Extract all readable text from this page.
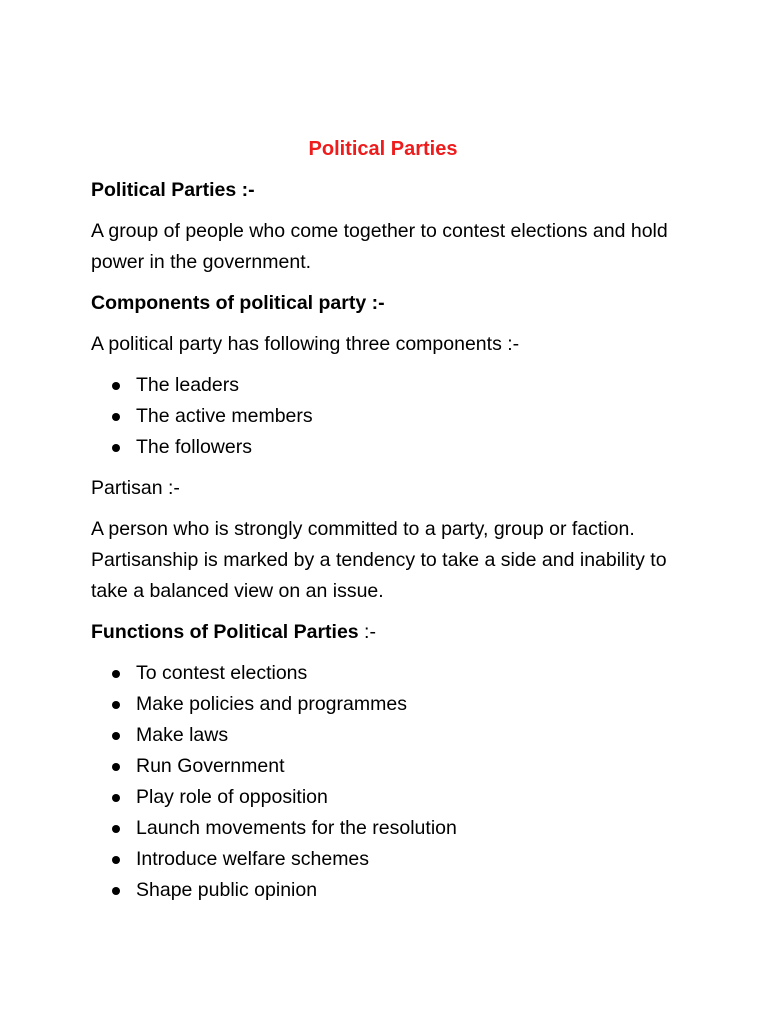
Political Parties
Political Parties :-
A group of people who come together to contest elections and hold power in the government.
Components of political party :-
A political party has following three components :-
The leaders
The active members
The followers
Partisan :-
A person who is strongly committed to a party, group or faction. Partisanship is marked by a tendency to take a side and inability to take a balanced view on an issue.
Functions of Political Parties :-
To contest elections
Make policies and programmes
Make laws
Run Government
Play role of opposition
Launch movements for the resolution
Introduce welfare schemes
Shape public opinion
